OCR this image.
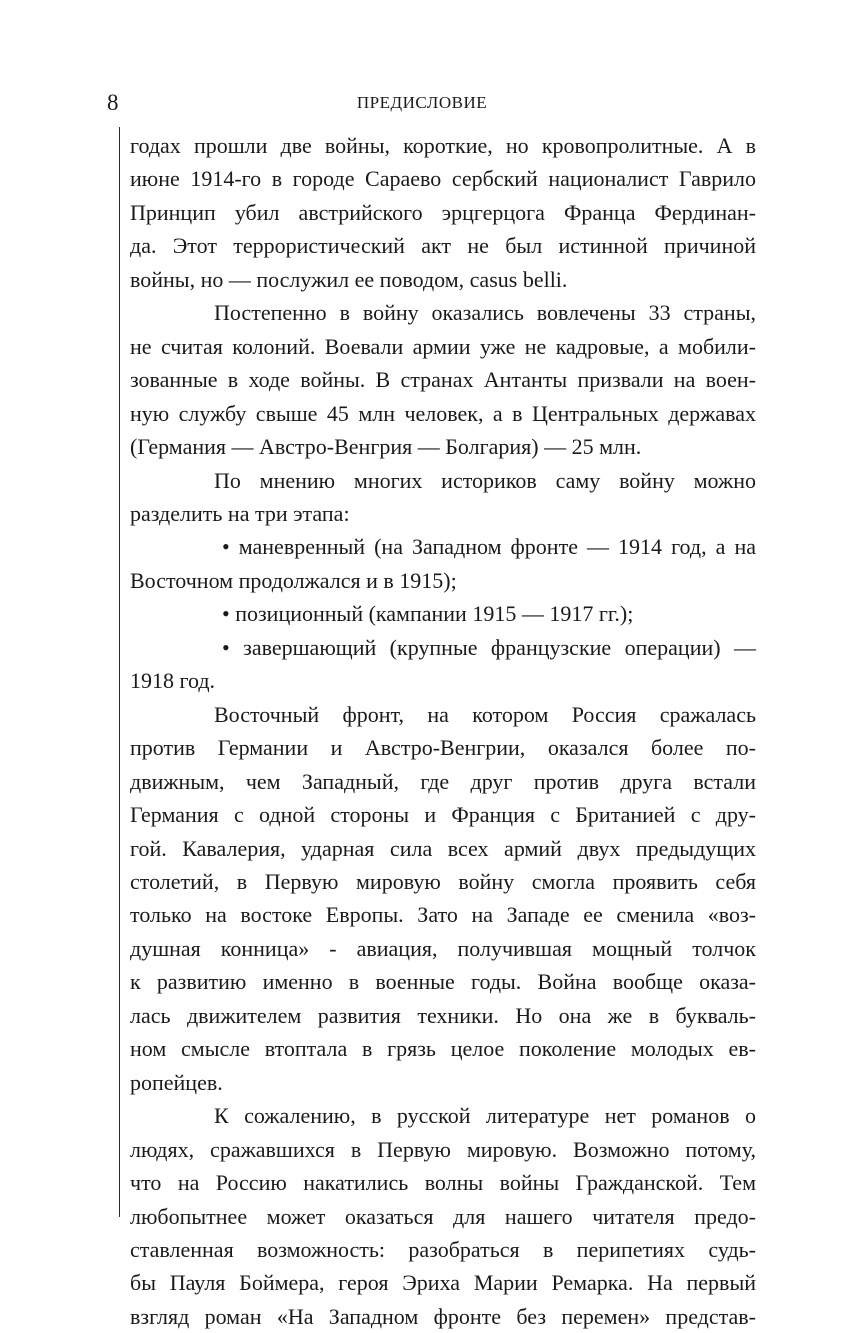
8	ПРЕДИСЛОВИЕ

годах прошли две войны, короткие, но кровопролитные. А в

июне 1914-го в городе Сараево сербский националист Гаврило

Принцип убил австрийского эрцгерцога Франца Фердинан-

да. Этот террористический акт не был истинной причиной

войны, но — послужил ее поводом, casus belli.

Постепенно в войну оказались вовлечены 33 страны,

не считая колоний. Воевали армии уже не кадровые, а мобили-

зованные в ходе войны. В странах Антанты призвали на воен-

ную службу свыше 45 млн человек, а в Центральных державах

(Германия — Австро-Венгрия — Болгария) — 25 млн.

По мнению многих историков саму войну можно

разделить на три этапа:

• маневренный (на Западном фронте — 1914 год, а на

Восточном продолжался и в 1915);

• позиционный (кампании 1915 — 1917 гг.);

• завершающий (крупные французские операции) —

1918 год.

Восточный фронт, на котором Россия сражалась

против Германии и Австро-Венгрии, оказался более по-

движным, чем Западный, где друг против друга встали

Германия с одной стороны и Франция с Британией с дру-

гой. Кавалерия, ударная сила всех армий двух предыдущих

столетий, в Первую мировую войну смогла проявить себя

только на востоке Европы. Зато на Западе ее сменила «воз-

душная конница» - авиация, получившая мощный толчок

к развитию именно в военные годы. Война вообще оказа-

лась движителем развития техники. Но она же в букваль-

ном смысле втоптала в грязь целое поколение молодых ев-

ропейцев.

К сожалению, в русской литературе нет романов о

людях, сражавшихся в Первую мировую. Возможно потому,

что на Россию накатились волны войны Гражданской. Тем

любопытнее может оказаться для нашего читателя предо-

ставленная возможность: разобраться в перипетиях судь-

бы Пауля Боймера, героя Эриха Марии Ремарка. На первый

взгляд роман «На Западном фронте без перемен» представ-
